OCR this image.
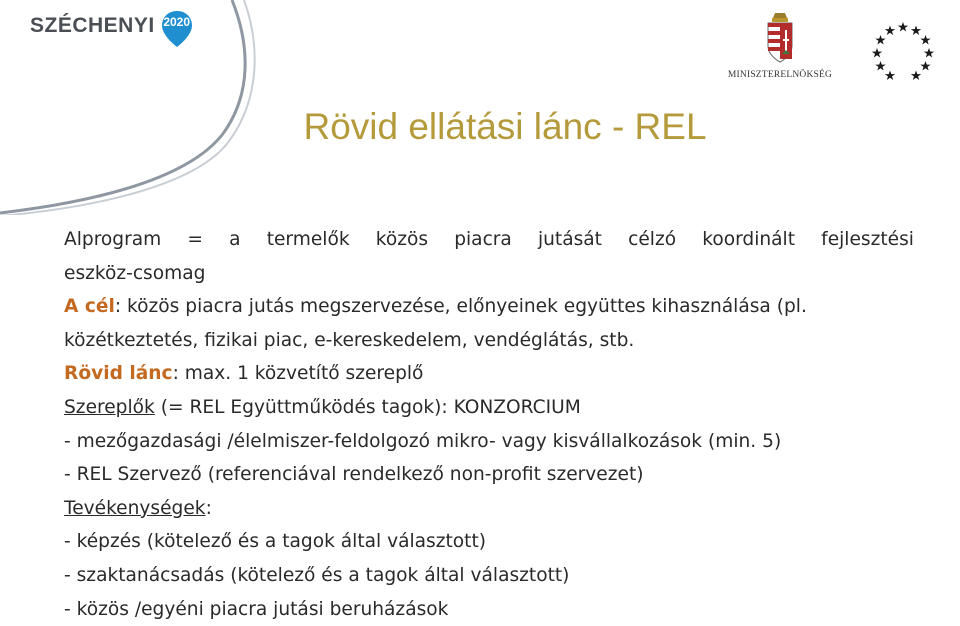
SZÉCHENYI 2020
MINISZTERELNÖKSÉG
Rövid ellátási lánc - REL
Alprogram = a termelők közös piacra jutását célzó koordinált fejlesztési
eszköz-csomag
A cél: közös piacra jutás megszervezése, előnyeinek együttes kihasználása (pl.
közétkeztetés, fizikai piac, e-kereskedelem, vendéglátás, stb.
Rövid lánc: max. 1 közvetítő szereplő
Szereplők (= REL Együttműködés tagok): KONZORCIUM
- mezőgazdasági /élelmiszer-feldolgozó mikro- vagy kisvállalkozások (min. 5)
- REL Szervező (referenciával rendelkező non-profit szervezet)
Tevékenységek:
- képzés (kötelező és a tagok által választott)
- szaktanácsadás (kötelező és a tagok által választott)
- közös /egyéni piacra jutási beruházások
